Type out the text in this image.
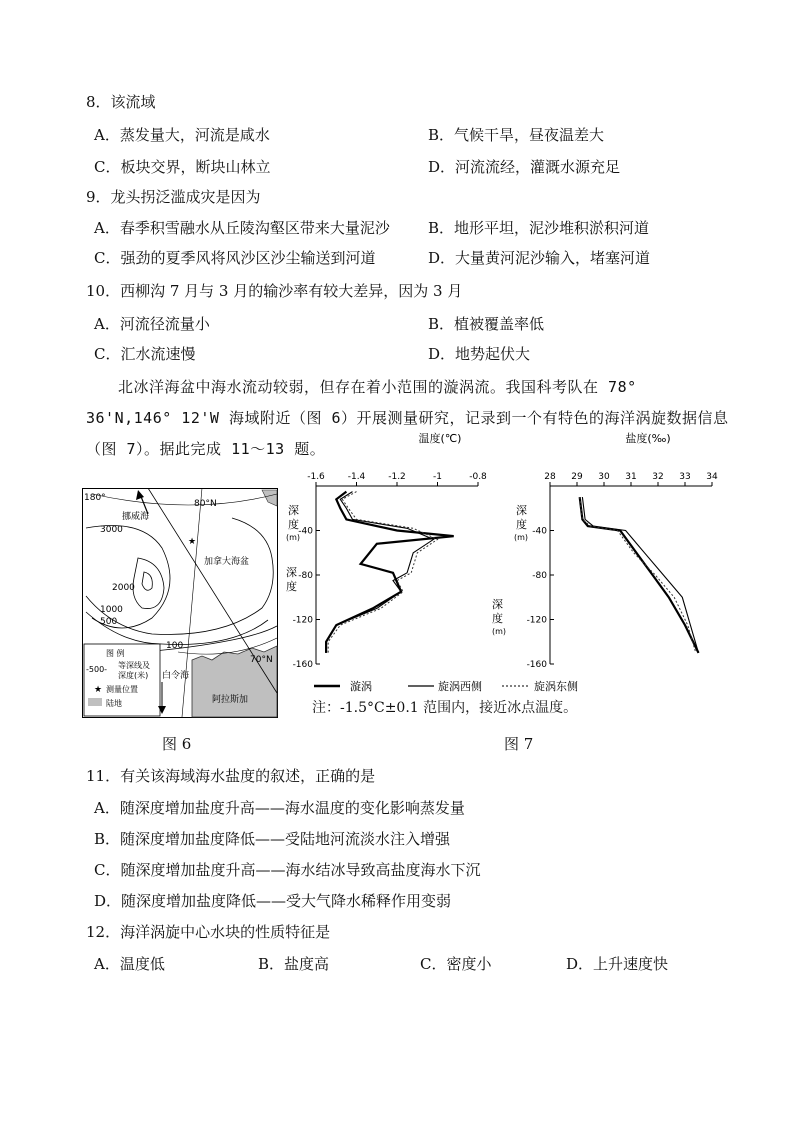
8．该流域
A．蒸发量大，河流是咸水	B．气候干旱，昼夜温差大
C．板块交界，断块山林立	D．河流流经，灌溉水源充足
9．龙头拐泛滥成灾是因为
A．春季积雪融水从丘陵沟壑区带来大量泥沙	B．地形平坦，泥沙堆积淤积河道
C．强劲的夏季风将风沙区沙尘输送到河道	D．大量黄河泥沙输入，堵塞河道
10．西柳沟 7 月与 3 月的输沙率有较大差异，因为 3 月
A．河流径流量小	B．植被覆盖率低
C．汇水流速慢	D．地势起伏大
北冰洋海盆中海水流动较弱，但存在着小范围的漩涡流。我国科考队在 78°
36'N,146° 12'W 海域附近（图 6）开展测量研究，记录到一个有特色的海洋涡旋数据信息
（图 7）。据此完成 11～13 题。
180°
80°N
挪威海
★
加拿大海盆
3000
2000
1000
500
100
70°N
白令海
阿拉斯加
图 例
-500- 等深线及
深度(米)
★ 测量位置
陆地
温度(℃)
-1.6	-1.4	-1.2	-1	-0.8
深
度
(m)
深
度
-40
-80
-120
-160
盐度(‰)
28 29 30 31 32 33 34
深
度
(m)
深
度
(m)
-40
-80
-120
-160
漩涡	旋涡西侧	旋涡东侧
注：-1.5°C±0.1 范围内，接近冰点温度。
图 6	图 7
11．有关该海域海水盐度的叙述，正确的是
A．随深度增加盐度升高——海水温度的变化影响蒸发量
B．随深度增加盐度降低——受陆地河流淡水注入增强
C．随深度增加盐度升高——海水结冰导致高盐度海水下沉
D．随深度增加盐度降低——受大气降水稀释作用变弱
12．海洋涡旋中心水块的性质特征是
A．温度低	B．盐度高	C．密度小	D．上升速度快
